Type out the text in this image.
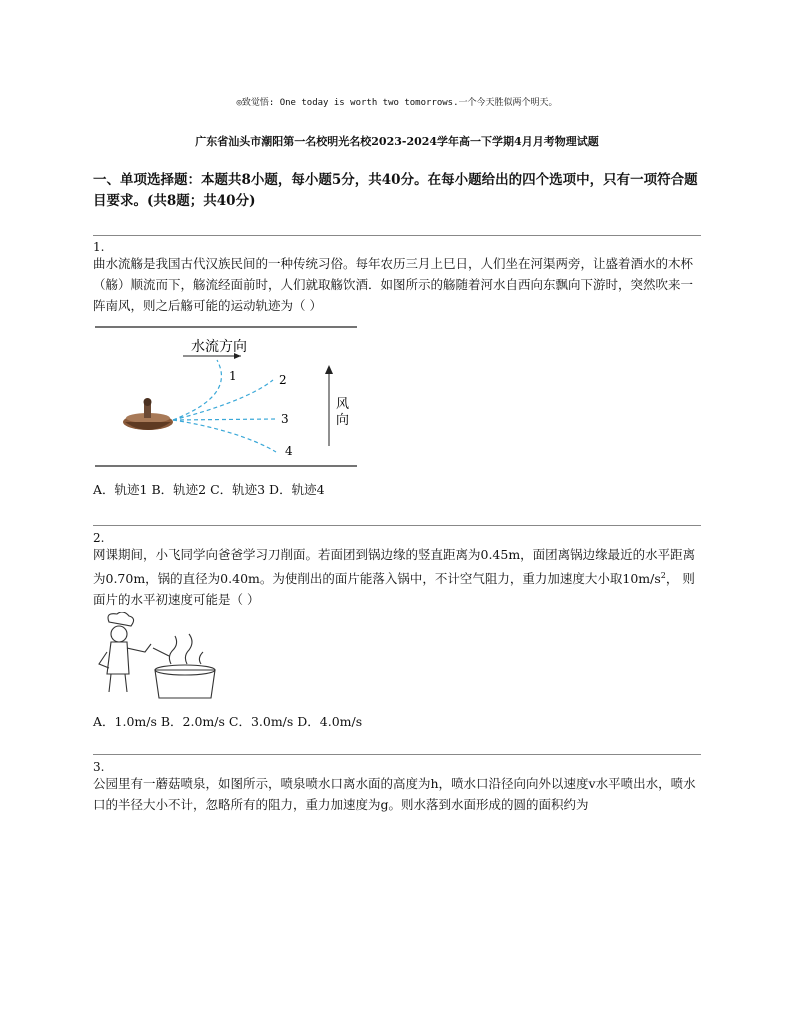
◎致觉悟: One today is worth two tomorrows.一个今天胜似两个明天。
广东省汕头市潮阳第一名校明光名校2023-2024学年高一下学期4月月考物理试题
一、单项选择题：本题共8小题，每小题5分，共40分。在每小题给出的四个选项中，只有一项符合题目要求。(共8题；共40分)
1.
曲水流觞是我国古代汉族民间的一种传统习俗。每年农历三月上巳日，人们坐在河渠两旁，让盛着酒水的木杯（觞）顺流而下，觞流经面前时，人们就取觞饮酒．如图所示的觞随着河水自西向东飘向下游时，突然吹来一阵南风，则之后觞可能的运动轨迹为（ ）
水流方向
风
向
1	2
3
4
A．轨迹1 B．轨迹2 C．轨迹3 D．轨迹4
2.
网课期间，小飞同学向爸爸学习刀削面。若面团到锅边缘的竖直距离为0.45m，面团离锅边缘最近的水平距离为0.70m，锅的直径为0.40m。为使削出的面片能落入锅中，不计空气阻力，重力加速度大小取$10m/s^2$， 则面片的水平初速度可能是（ ）
A．1.0m/s B．2.0m/s C．3.0m/s D．4.0m/s
3.
公园里有一蘑菇喷泉，如图所示，喷泉喷水口离水面的高度为h，喷水口沿径向向外以速度v水平喷出水，喷水口的半径大小不计，忽略所有的阻力，重力加速度为g。则水落到水面形成的圆的面积约为
